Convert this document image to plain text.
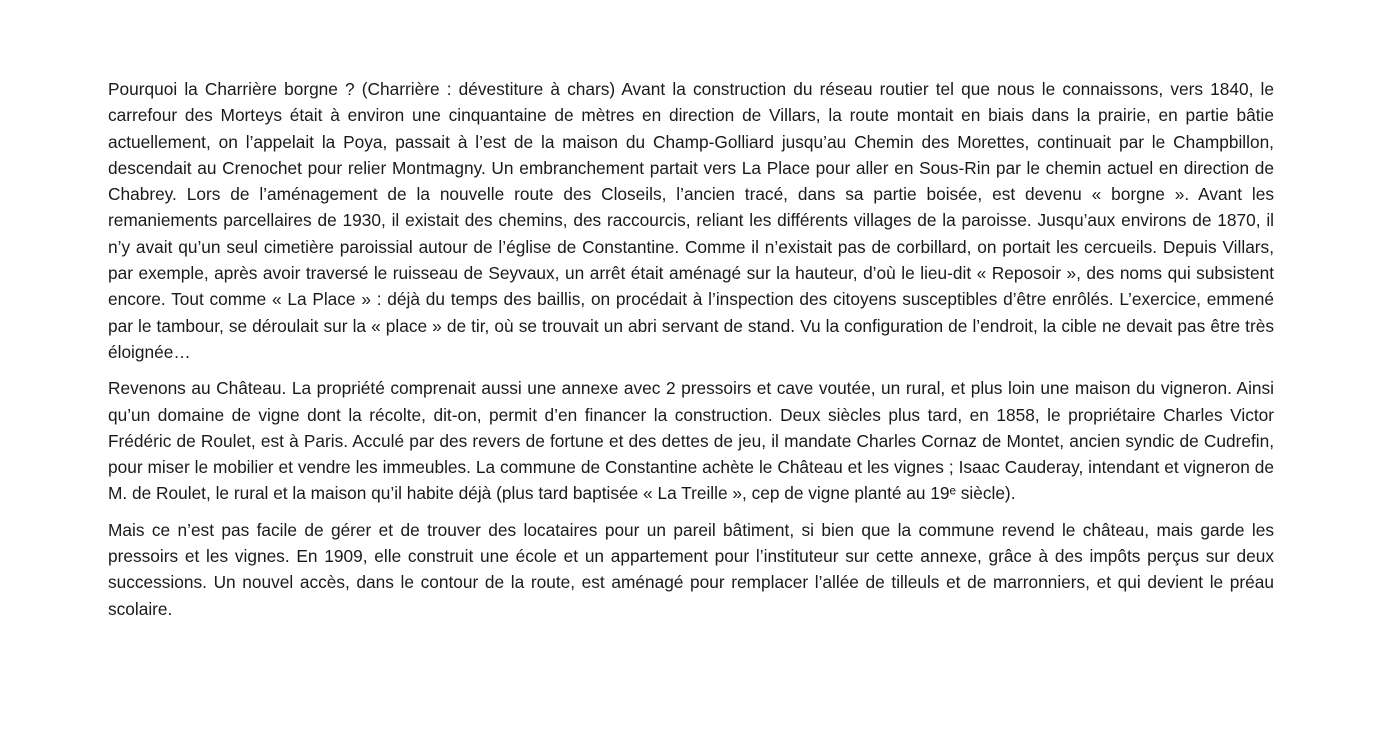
Pourquoi la Charrière borgne ? (Charrière : dévestiture à chars) Avant la construction du réseau routier tel que nous le connaissons, vers 1840, le carrefour des Morteys était à environ une cinquantaine de mètres en direction de Villars, la route montait en biais dans la prairie, en partie bâtie actuellement, on l’appelait la Poya, passait à l’est de la maison du Champ-Golliard jusqu’au Chemin des Morettes, continuait par le Champbillon, descendait au Crenochet pour relier Montmagny. Un embranchement partait vers La Place pour aller en Sous-Rin par le chemin actuel en direction de Chabrey. Lors de l’aménagement de la nouvelle route des Closeils, l’ancien tracé, dans sa partie boisée, est devenu « borgne ». Avant les remaniements parcellaires de 1930, il existait des chemins, des raccourcis, reliant les différents villages de la paroisse. Jusqu’aux environs de 1870, il n’y avait qu’un seul cimetière paroissial autour de l’église de Constantine. Comme il n’existait pas de corbillard, on portait les cercueils. Depuis Villars, par exemple, après avoir traversé le ruisseau de Seyvaux, un arrêt était aménagé sur la hauteur, d’où le lieu-dit « Reposoir », des noms qui subsistent encore. Tout comme « La Place » : déjà du temps des baillis, on procédait à l’inspection des citoyens susceptibles d’être enrôlés. L’exercice, emmené par le tambour, se déroulait sur la « place » de tir, où se trouvait un abri servant de stand. Vu la configuration de l’endroit, la cible ne devait pas être très éloignée…

Revenons au Château. La propriété comprenait aussi une annexe avec 2 pressoirs et cave voutée, un rural, et plus loin une maison du vigneron. Ainsi qu’un domaine de vigne dont la récolte, dit-on, permit d’en financer la construction. Deux siècles plus tard, en 1858, le propriétaire Charles Victor Frédéric de Roulet, est à Paris. Acculé par des revers de fortune et des dettes de jeu, il mandate Charles Cornaz de Montet, ancien syndic de Cudrefin, pour miser le mobilier et vendre les immeubles. La commune de Constantine achète le Château et les vignes ; Isaac Cauderay, intendant et vigneron de M. de Roulet, le rural et la maison qu’il habite déjà (plus tard baptisée « La Treille », cep de vigne planté au 19ᵉ siècle).

Mais ce n’est pas facile de gérer et de trouver des locataires pour un pareil bâtiment, si bien que la commune revend le château, mais garde les pressoirs et les vignes. En 1909, elle construit une école et un appartement pour l’instituteur sur cette annexe, grâce à des impôts perçus sur deux successions. Un nouvel accès, dans le contour de la route, est aménagé pour remplacer l’allée de tilleuls et de marronniers, et qui devient le préau scolaire.
